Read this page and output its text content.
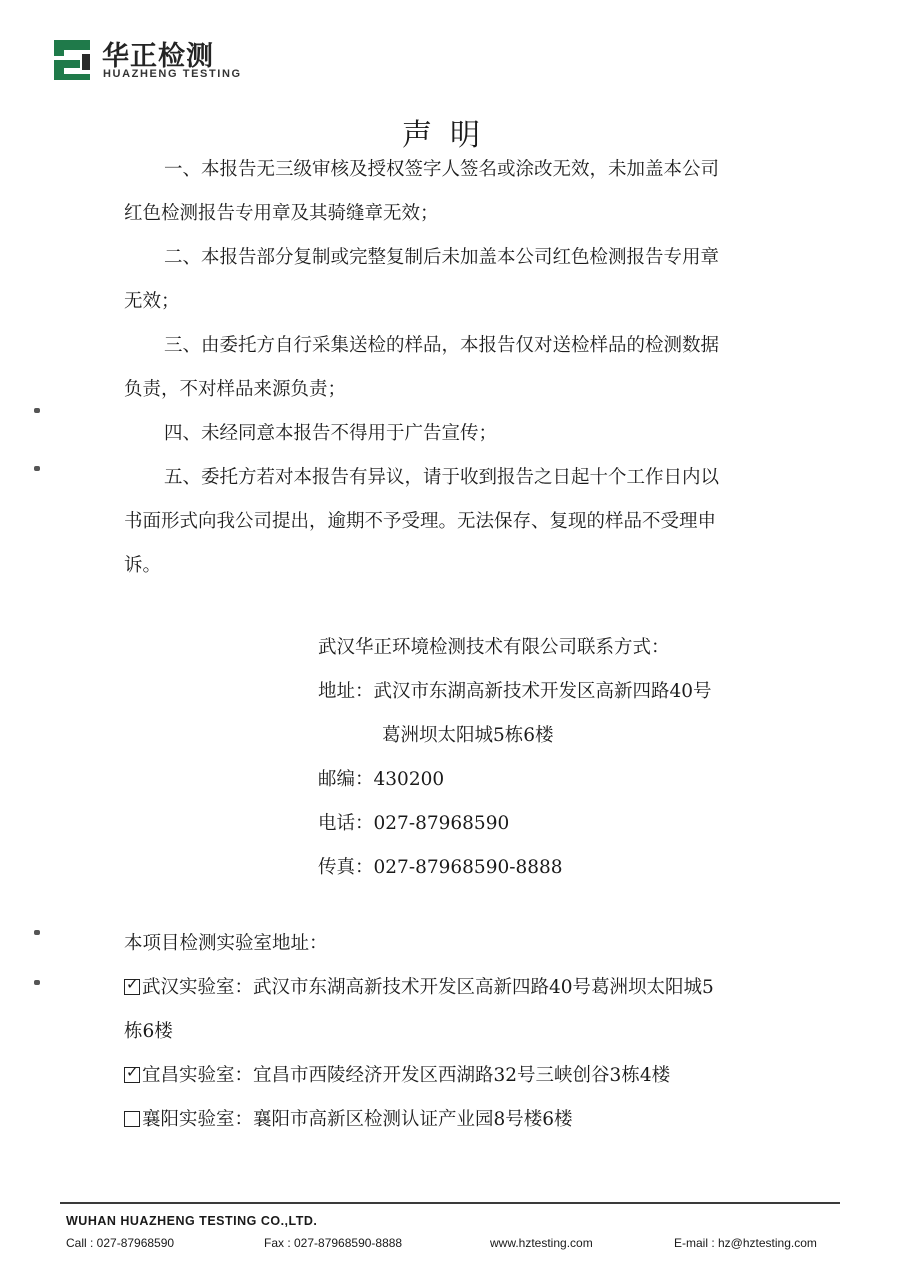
华正检测
HUAZHENG TESTING
声明
一、本报告无三级审核及授权签字人签名或涂改无效，未加盖本公司
红色检测报告专用章及其骑缝章无效；
二、本报告部分复制或完整复制后未加盖本公司红色检测报告专用章
无效；
三、由委托方自行采集送检的样品，本报告仅对送检样品的检测数据
负责，不对样品来源负责；
四、未经同意本报告不得用于广告宣传；
五、委托方若对本报告有异议，请于收到报告之日起十个工作日内以
书面形式向我公司提出，逾期不予受理。无法保存、复现的样品不受理申
诉。
武汉华正环境检测技术有限公司联系方式：
地址：武汉市东湖高新技术开发区高新四路40号
葛洲坝太阳城5栋6楼
邮编：430200
电话：027-87968590
传真：027-87968590-8888
本项目检测实验室地址：
✓ 武汉实验室：武汉市东湖高新技术开发区高新四路40号葛洲坝太阳城5
栋6楼
✓ 宜昌实验室：宜昌市西陵经济开发区西湖路32号三峡创谷3栋4楼
襄阳实验室：襄阳市高新区检测认证产业园8号楼6楼
WUHAN HUAZHENG TESTING CO.,LTD.
Call : 027-87968590	Fax : 027-87968590-8888	www.hztesting.com	E-mail : hz@hztesting.com
